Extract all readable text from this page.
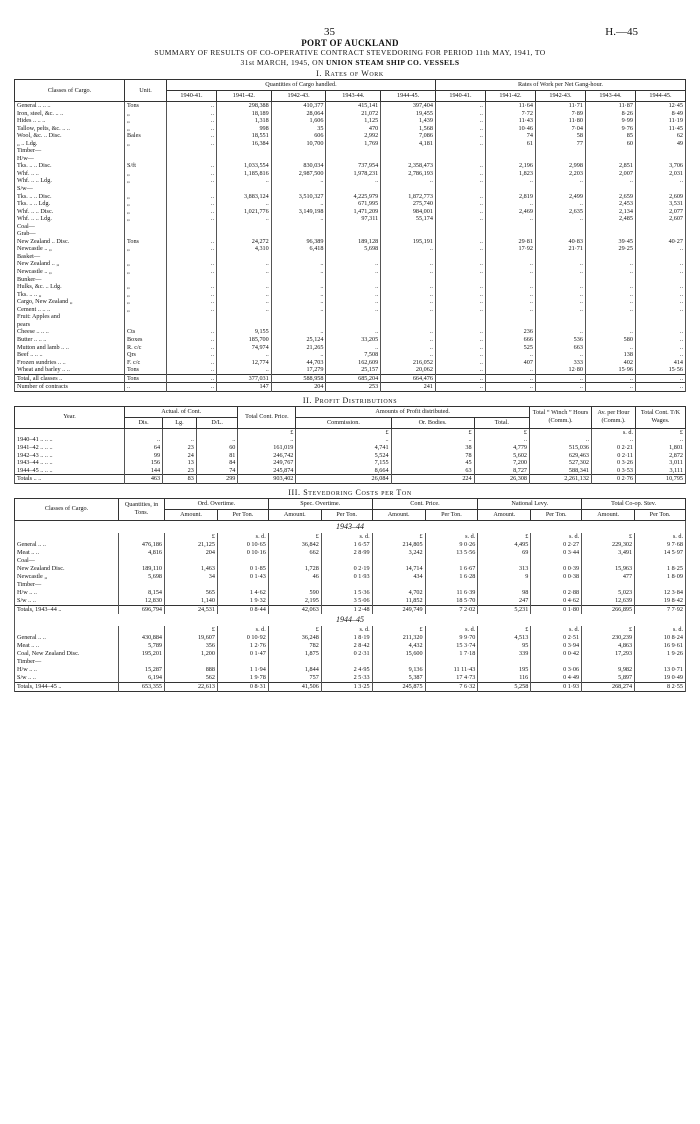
35	H.—45
PORT OF AUCKLAND
SUMMARY OF RESULTS OF CO-OPERATIVE CONTRACT STEVEDORING FOR PERIOD 11th MAY, 1941, TO
31st MARCH, 1945, ON UNION STEAM SHIP CO. VESSELS
I. Rates of Work
Classes of Cargo.	Unit.	Quantities of Cargo handled.					Rates of Work per Net Gang-hour.				
		1940-41.	1941-42.	1942-43.	1943-44.	1944-45.	1940-41.	1941-42.	1942-43.	1943-44.	1944-45.
General .. .. ..	Tons	..	298,388	410,377	415,141	397,404	..	11·64	11·71	11·87	12·45
Iron, steel, &c. .. ..	„	..	18,189	28,064	21,072	19,455	..	7·72	7·89	8·26	8·49
Hides .. .. ..	„	..	1,318	1,606	1,125	1,439	..	11·43	11·80	9·99	11·19
Tallow, pelts, &c. .. ..	„	..	998	35	470	1,568	..	10·46	7·04	9·76	11·45
Wool, &c. .. Disc.	Bales	..	18,551	606	2,992	7,086	..	74	58	85	62
„ .. Ldg.	„	..	16,384	10,700	1,769	4,181	..	61	77	60	49
Timber—											
H/w—											
Tks. .. .. Disc.	S/ft	..	1,033,554	830,034	737,954	2,358,473	..	2,196	2,998	2,851	3,706
Whf. .. ..	„	..	1,185,816	2,987,500	1,978,231	2,786,193	..	1,823	2,203	2,007	2,031
Whf. .. .. Ldg.	„	..	..	..	..	..	..	..	..	..	..
S/w—											
Tks. .. .. Disc.	„	..	3,883,124	3,510,327	4,225,979	1,872,773	..	2,819	2,499	2,659	2,609
Tks. .. .. Ldg.	„	..	..	..	671,995	275,740	..	..	..	2,453	3,531
Whf. .. .. Disc.	„	..	1,021,776	3,149,198	1,471,209	984,001	..	2,469	2,635	2,134	2,077
Whf. .. .. Ldg.	„	..	..	..	97,311	55,174	..	..	..	2,485	2,607
Coal—											
Grab—											
New Zealand .. Disc.	Tons	..	24,272	96,389	189,128	195,191	..	29·81	40·83	39·45	40·27
Newcastle .. „	„	..	4,310	6,418	5,698	..	..	17·92	21·71	29·25	..
Basket—											
New Zealand .. „	„	..	..	..	..	..	..	..	..	..	..
Newcastle .. „	„	..	..	..	..	..	..	..	..	..	..
Bunker—											
Hulks, &c. .. Ldg.	„	..	..	..	..	..	..	..	..	..	..
Tks. .. .. „	„	..	..	..	..	..	..	..	..	..	..
Cargo, New Zealand „	„	..	..	..	..	..	..	..	..	..	..
Cement .. .. ..	„	..	..	..	..	..	..	..	..	..	..
Fruit: Apples and											
pears											
Cheese .. .. ..	Cts	..	9,155	..	..	..	..	236	..	..	..
Butter .. .. ..	Boxes	..	185,700	25,124	33,205	..	..	666	536	580	..
Mutton and lamb .. ..	R. c/c	..	74,974	21,265	..	..	..	525	663	..	..
Beef .. .. ..	Qrs	..	..	..	7,508	..	..	..	..	138	..
Frozen sundries .. ..	F. c/c	..	12,774	44,703	162,609	216,052	..	407	333	402	414
Wheat and barley .. ..	Tons	..	..	17,279	25,157	20,062	..	..	12·80	15·96	15·56
Total, all classes ..	Tons	..	377,031	588,958	685,204	664,476	..	..	..	..	..
Number of contracts	..	..	147	204	253	241	..	..	..	..	..
II. Profit Distributions
Year.	Actual. of Cont.			Total Cont. Price.	Amounts of Profit distributed.			Total “ Winch ” Hours (Comm.).	Av. per Hour (Comm.).	Total Cont. T/K Wages.
	Dis.	Lg.	D/L.		Commission.	Or. Bodies.	Total.			
				£	£	£	£		s. d.	£
1940–41 .. .. ..	..	..	..	..	..	..	..	..	..	..
1941–42 .. .. ..	64	23	60	161,019	4,741	38	4,779	515,036	0 2·21	1,801
1942–43 .. .. ..	99	24	81	246,742	5,524	78	5,602	629,463	0 2·11	2,872
1943–44 .. .. ..	156	13	84	249,767	7,155	45	7,200	527,302	0 3·26	3,011
1944–45 .. .. ..	144	23	74	245,874	8,664	63	8,727	588,341	0 3·53	3,111
Totals .. ..	463	83	299	903,402	26,084	224	26,308	2,261,132	0 2·76	10,795
III. Stevedoring Costs per Ton
Classes of Cargo.	Quantities, in Tons.	Ord. Overtime.		Spec. Overtime.		Cont. Price.		National Levy.		Total Co-op. Stev.	
		Amount.	Per Ton.	Amount.	Per Ton.	Amount.	Per Ton.	Amount.	Per Ton.	Amount.	Per Ton.
1943–44											
		£	s. d.	£	s. d.	£	s. d.	£	s. d.	£	s. d.
General .. ..	476,186	21,125	0 10·65	36,842	1 6·57	214,805	9 0·26	4,495	0 2·27	229,302	9 7·68
Meat .. ..	4,816	204	0 10·16	662	2 8·99	3,242	13 5·56	69	0 3·44	3,491	14 5·97
Coal—											
New Zealand Disc.	189,110	1,463	0 1·85	1,728	0 2·19	14,714	1 6·67	313	0 0·39	15,963	1 8·25
Newcastle „	5,698	34	0 1·43	46	0 1·93	434	1 6·28	9	0 0·38	477	1 8·09
Timber—											
H/w .. ..	8,154	565	1 4·62	590	1 5·36	4,702	11 6·39	98	0 2·88	5,023	12 3·84
S/w .. ..	12,830	1,140	1 9·32	2,195	3 5·06	11,852	18 5·70	247	0 4·62	12,639	19 8·42
Totals, 1943–44 ..	696,794	24,531	0 8·44	42,063	1 2·48	249,749	7 2·02	5,231	0 1·80	266,895	7 7·92
1944–45											
		£	s. d.	£	s. d.	£	s. d.	£	s. d.	£	s. d.
General .. ..	430,884	19,607	0 10·92	36,248	1 8·19	211,320	9 9·70	4,513	0 2·51	230,239	10 8·24
Meat .. ..	5,789	356	1 2·76	782	2 8·42	4,432	15 3·74	95	0 3·94	4,863	16 9·61
Coal, New Zealand Disc.	195,201	1,200	0 1·47	1,875	0 2·31	15,600	1 7·18	339	0 0·42	17,293	1 9·26
Timber—											
H/w .. ..	15,287	888	1 1·94	1,844	2 4·95	9,136	11 11·43	195	0 3·06	9,982	13 0·71
S/w .. ..	6,194	562	1 9·78	757	2 5·33	5,387	17 4·73	116	0 4·49	5,897	19 0·49
Totals, 1944–45 ..	653,355	22,613	0 8·31	41,506	1 3·25	245,875	7 6·32	5,258	0 1·93	268,274	8 2·55
